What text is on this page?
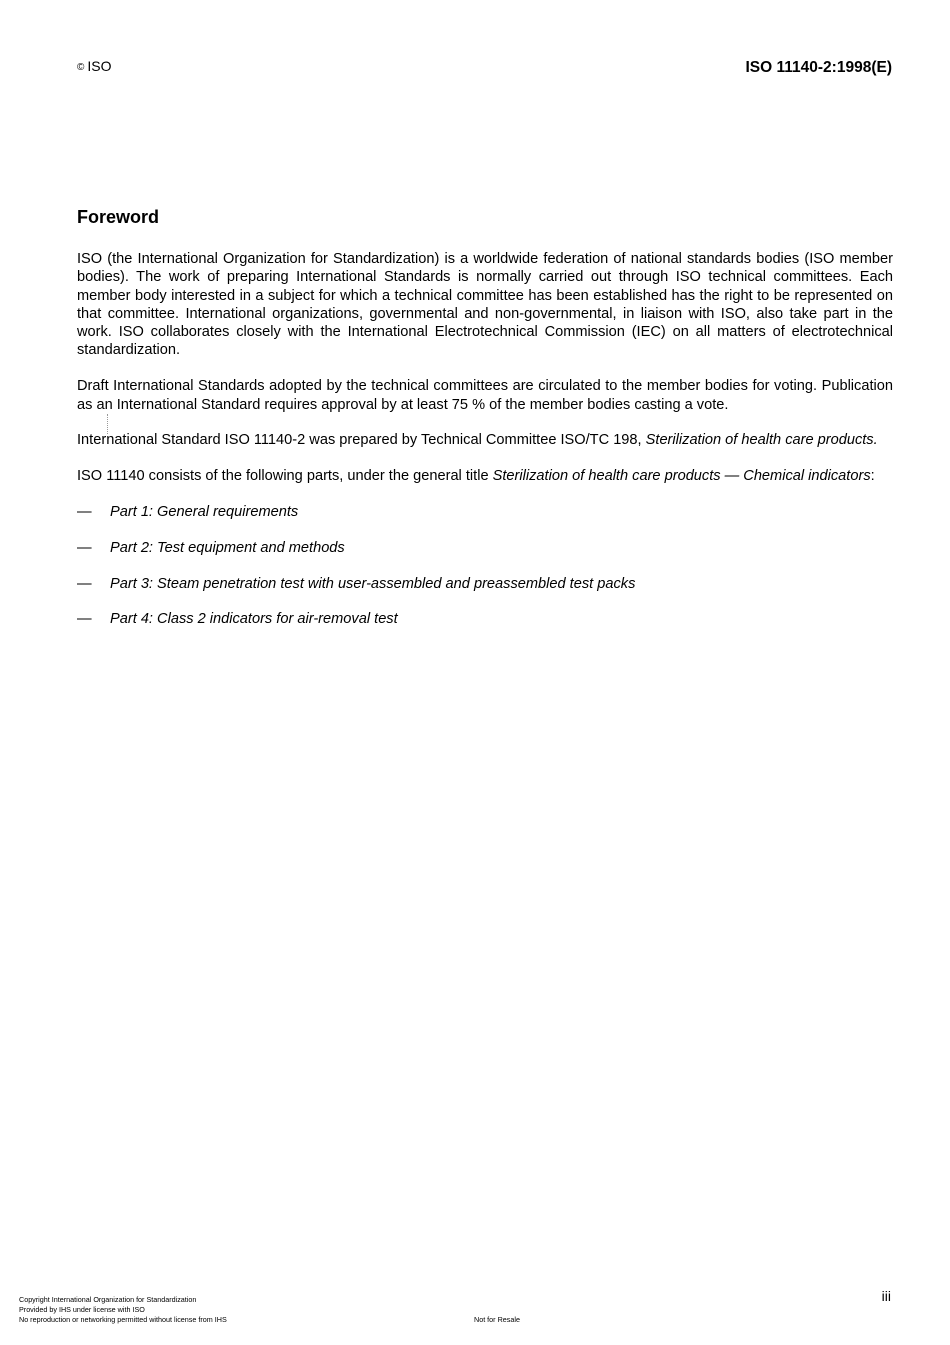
© ISO	ISO 11140-2:1998(E)
Foreword

ISO (the International Organization for Standardization) is a worldwide federation of national standards bodies (ISO member bodies). The work of preparing International Standards is normally carried out through ISO technical committees. Each member body interested in a subject for which a technical committee has been established has the right to be represented on that committee. International organizations, governmental and non-governmental, in liaison with ISO, also take part in the work. ISO collaborates closely with the International Electrotechnical Commission (IEC) on all matters of electrotechnical standardization.

Draft International Standards adopted by the technical committees are circulated to the member bodies for voting. Publication as an International Standard requires approval by at least 75 % of the member bodies casting a vote.

International Standard ISO 11140-2 was prepared by Technical Committee ISO/TC 198, Sterilization of health care products.

ISO 11140 consists of the following parts, under the general title Sterilization of health care products — Chemical indicators:

—	Part 1: General requirements
—	Part 2: Test equipment and methods
—	Part 3: Steam penetration test with user-assembled and preassembled test packs
—	Part 4: Class 2 indicators for air-removal test
iii
Copyright International Organization for Standardization
Provided by IHS under license with ISO
No reproduction or networking permitted without license from IHS	Not for Resale
